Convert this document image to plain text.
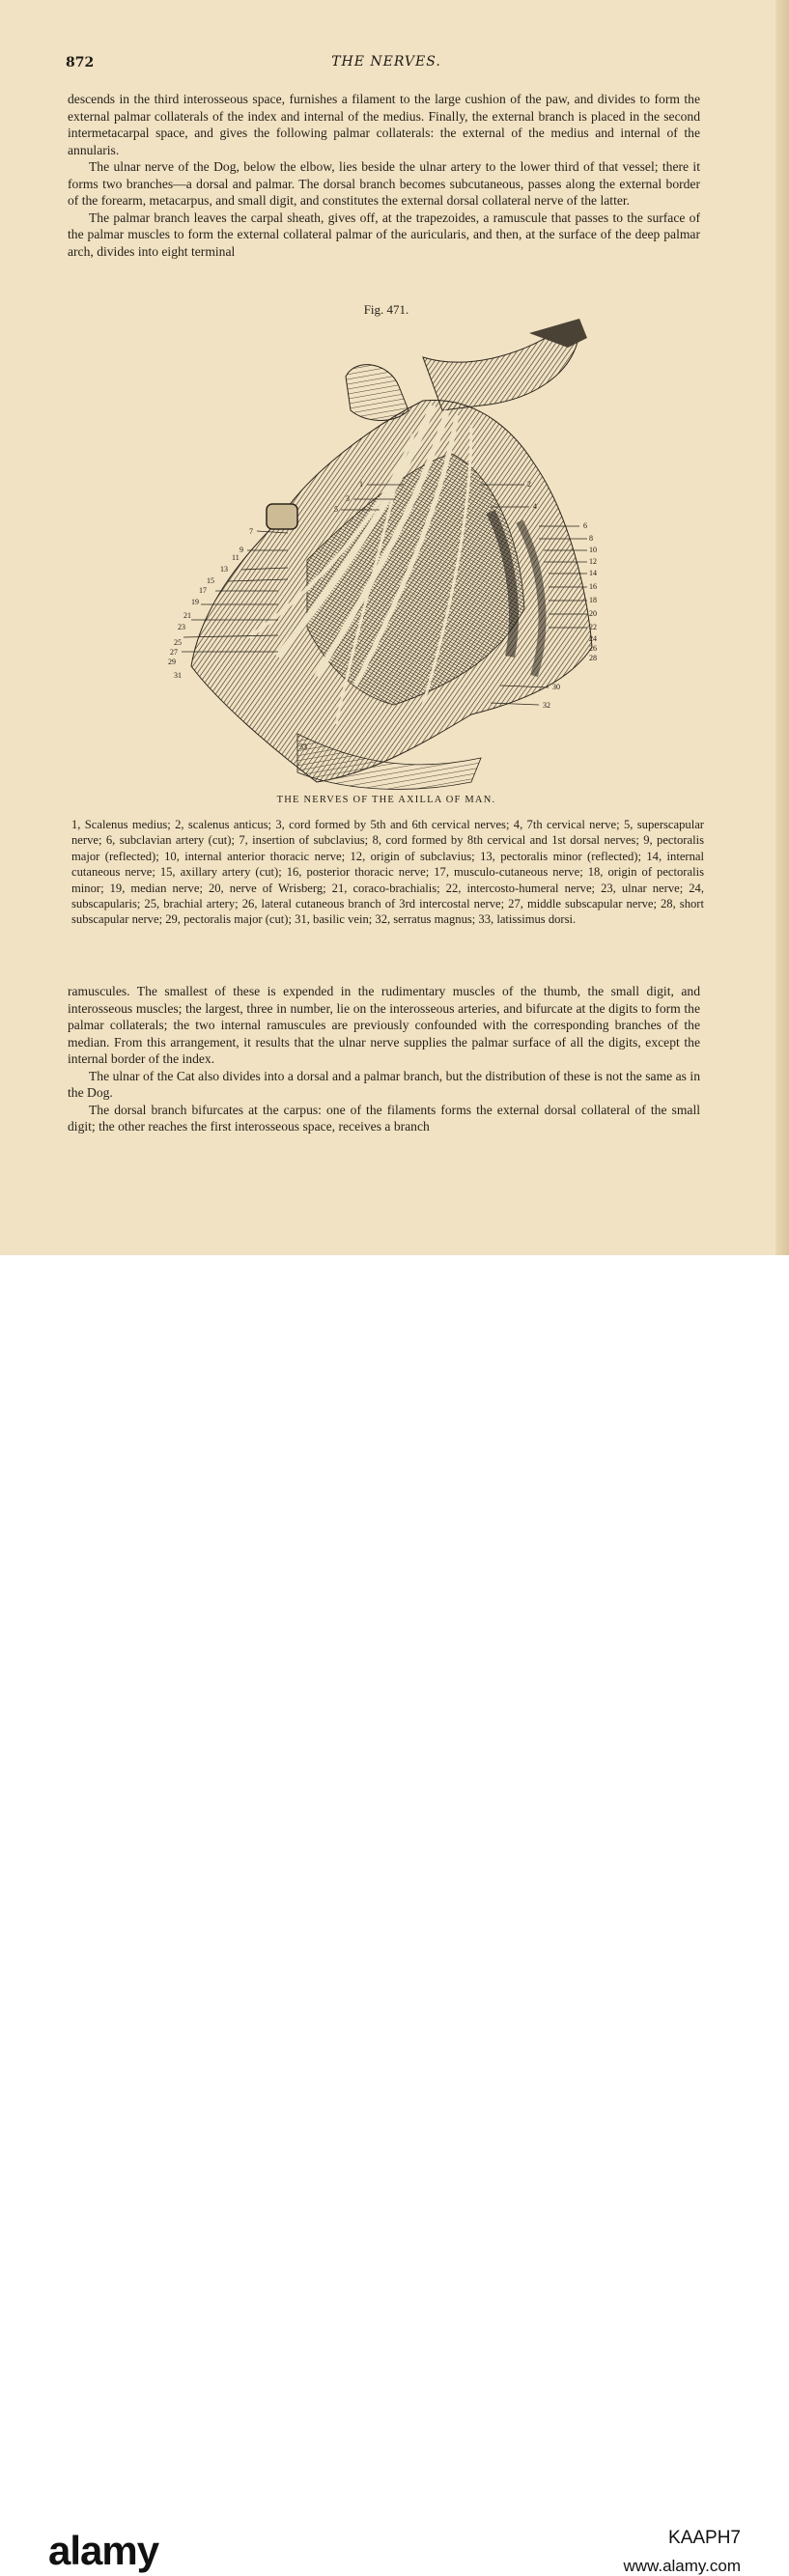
872	THE NERVES.

descends in the third interosseous space, furnishes a filament to the large cushion of the paw, and divides to form the external palmar collaterals of the index and internal of the medius. Finally, the external branch is placed in the second intermetacarpal space, and gives the following palmar collaterals: the external of the medius and internal of the annularis.

The ulnar nerve of the Dog, below the elbow, lies beside the ulnar artery to the lower third of that vessel; there it forms two branches—a dorsal and palmar. The dorsal branch becomes subcutaneous, passes along the external border of the forearm, metacarpus, and small digit, and constitutes the external dorsal collateral nerve of the latter.

The palmar branch leaves the carpal sheath, gives off, at the trapezoides, a ramuscule that passes to the surface of the palmar muscles to form the external collateral palmar of the auricularis, and then, at the surface of the deep palmar arch, divides into eight terminal

Fig. 471.
1
3
5
7
9
11
13
15
17
19
21
23
25
27
29
31
33
2
4
6
8
10
12
14
16
18
20
22
24
26
28
30
32
THE NERVES OF THE AXILLA OF MAN.
1, Scalenus medius; 2, scalenus anticus; 3, cord formed by 5th and 6th cervical nerves; 4, 7th cervical nerve; 5, superscapular nerve; 6, subclavian artery (cut); 7, insertion of subclavius; 8, cord formed by 8th cervical and 1st dorsal nerves; 9, pectoralis major (reflected); 10, internal anterior thoracic nerve; 12, origin of subclavius; 13, pectoralis minor (reflected); 14, internal cutaneous nerve; 15, axillary artery (cut); 16, posterior thoracic nerve; 17, musculo-cutaneous nerve; 18, origin of pectoralis minor; 19, median nerve; 20, nerve of Wrisberg; 21, coraco-brachialis; 22, intercosto-humeral nerve; 23, ulnar nerve; 24, subscapularis; 25, brachial artery; 26, lateral cutaneous branch of 3rd intercostal nerve; 27, middle subscapular nerve; 28, short subscapular nerve; 29, pectoralis major (cut); 31, basilic vein; 32, serratus magnus; 33, latissimus dorsi.

ramuscules. The smallest of these is expended in the rudimentary muscles of the thumb, the small digit, and interosseous muscles; the largest, three in number, lie on the interosseous arteries, and bifurcate at the digits to form the palmar collaterals; the two internal ramuscules are previously confounded with the corresponding branches of the median. From this arrangement, it results that the ulnar nerve supplies the palmar surface of all the digits, except the internal border of the index.

The ulnar of the Cat also divides into a dorsal and a palmar branch, but the distribution of these is not the same as in the Dog.

The dorsal branch bifurcates at the carpus: one of the filaments forms the external dorsal collateral of the small digit; the other reaches the first interosseous space, receives a branch

alamy	KAAPH7
www.alamy.com
